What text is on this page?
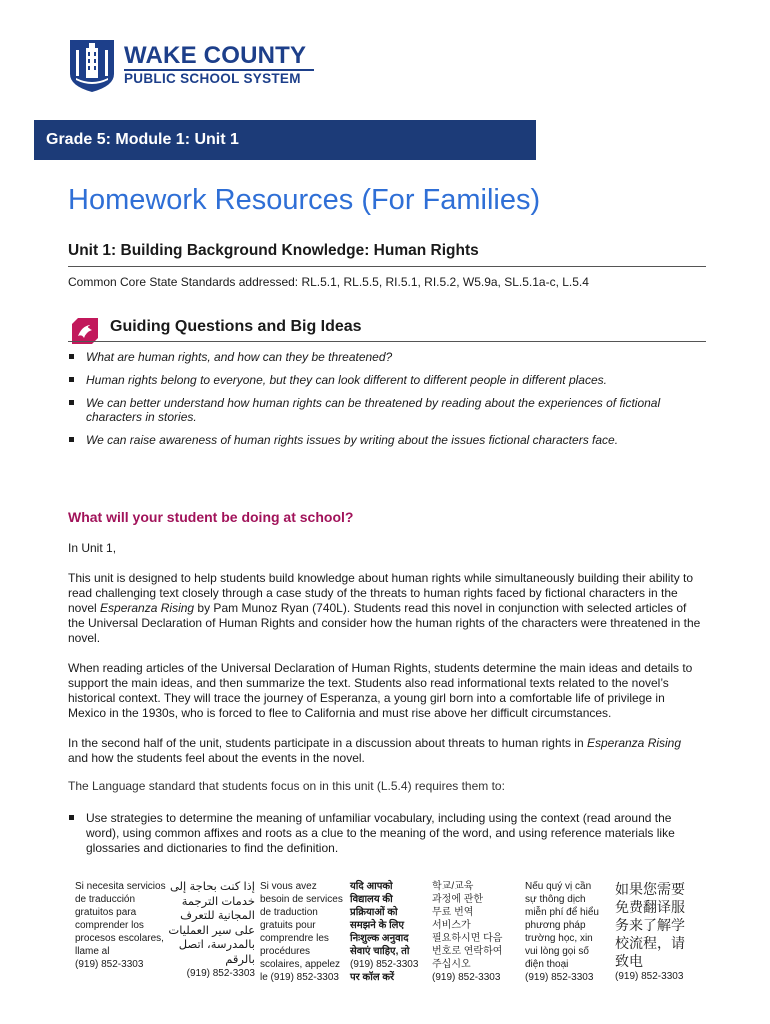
WAKE COUNTY
PUBLIC SCHOOL SYSTEM
Grade 5: Module 1: Unit 1
Homework Resources (For Families)
Unit 1: Building Background Knowledge: Human Rights
Common Core State Standards addressed: RL.5.1, RL.5.5, RI.5.1, RI.5.2, W5.9a, SL.5.1a-c, L.5.4
Guiding Questions and Big Ideas
What are human rights, and how can they be threatened?
Human rights belong to everyone, but they can look different to different people in different places.
We can better understand how human rights can be threatened by reading about the experiences of fictional characters in stories.
We can raise awareness of human rights issues by writing about the issues fictional characters face.
What will your student be doing at school?

In Unit 1,

This unit is designed to help students build knowledge about human rights while simultaneously building their ability to read challenging text closely through a case study of the threats to human rights faced by fictional characters in the novel Esperanza Rising by Pam Munoz Ryan (740L). Students read this novel in conjunction with selected articles of the Universal Declaration of Human Rights and consider how the human rights of the characters were threatened in the novel.

When reading articles of the Universal Declaration of Human Rights, students determine the main ideas and details to support the main ideas, and then summarize the text. Students also read informational texts related to the novel’s historical context. They will trace the journey of Esperanza, a young girl born into a comfortable life of privilege in Mexico in the 1930s, who is forced to flee to California and must rise above her difficult circumstances.

In the second half of the unit, students participate in a discussion about threats to human rights in Esperanza Rising and how the students feel about the events in the novel.

The Language standard that students focus on in this unit (L.5.4) requires them to:

Use strategies to determine the meaning of unfamiliar vocabulary, including using the context (read around the word), using common affixes and roots as a clue to the meaning of the word, and using reference materials like glossaries and dictionaries to find the definition.
Si necesita servicios
de traducción
gratuitos para
comprender los
procesos escolares,
llame al
(919) 852-3303
إذا كنت بحاجة إلى
خدمات الترجمة
المجانية للتعرف
على سير العمليات
بالمدرسة، اتصل
بالرقم
(919) 852-3303
Si vous avez
besoin de services
de traduction
gratuits pour
comprendre les
procédures
scolaires, appelez
le (919) 852-3303
यदि आपको
विद्यालय की
प्रक्रियाओं को
समझने के लिए
निःशुल्क अनुवाद
सेवाएं चाहिए, तो
(919) 852-3303
पर कॉल करें
학교/교육
과정에 관한
무료 번역
서비스가
필요하시면 다음
번호로 연락하여
주십시오
(919) 852-3303
Nếu quý vị cần
sự thông dịch
miễn phí để hiểu
phương pháp
trường học, xin
vui lòng gọi số
điện thoại
(919) 852-3303
如果您需要
免费翻译服
务来了解学
校流程，请
致电
(919) 852-3303
